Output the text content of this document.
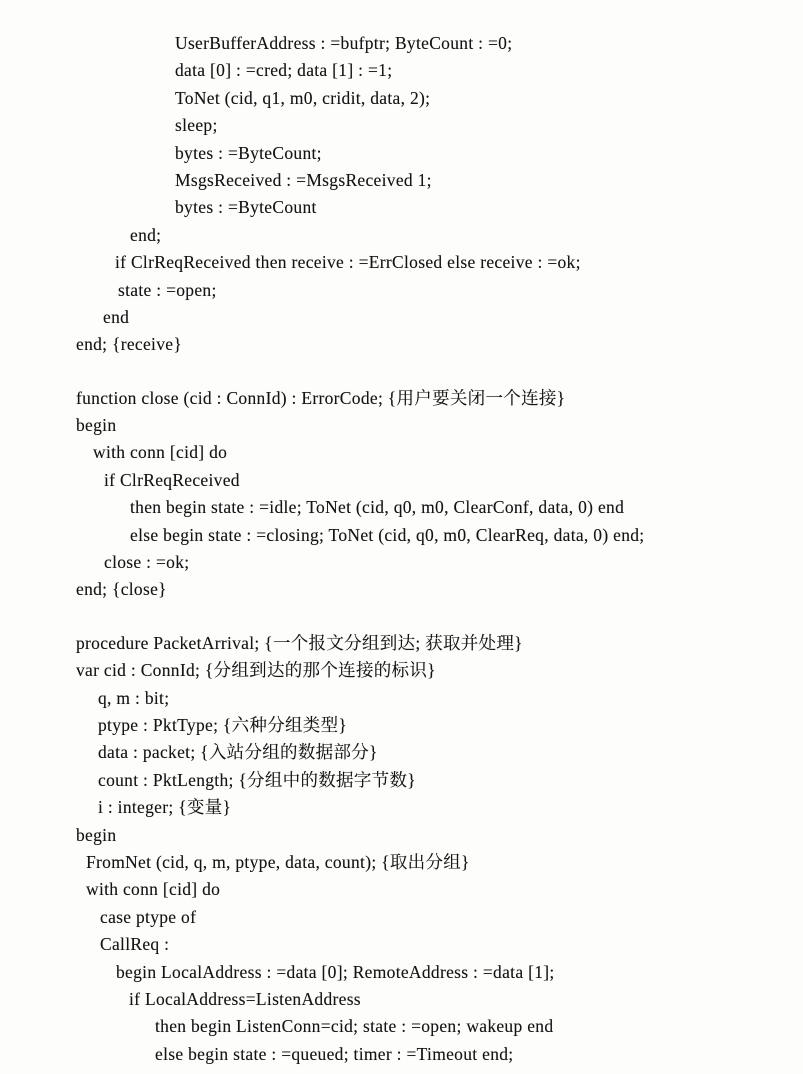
UserBufferAddress : =bufptr; ByteCount : =0;
data [0] : =cred; data [1] : =1;
ToNet (cid, q1, m0, cridit, data, 2);
sleep;
bytes : =ByteCount;
MsgsReceived : =MsgsReceived 1;
bytes : =ByteCount
end;
if ClrReqReceived then receive : =ErrClosed else receive : =ok;
state : =open;
end
end; {receive}
function close (cid : ConnId) : ErrorCode; {用户要关闭一个连接}
begin
with conn [cid] do
if ClrReqReceived
then begin state : =idle; ToNet (cid, q0, m0, ClearConf, data, 0) end
else begin state : =closing; ToNet (cid, q0, m0, ClearReq, data, 0) end;
close : =ok;
end; {close}
procedure PacketArrival; {一个报文分组到达; 获取并处理}
var cid : ConnId; {分组到达的那个连接的标识}
q, m : bit;
ptype : PktType; {六种分组类型}
data : packet; {入站分组的数据部分}
count : PktLength; {分组中的数据字节数}
i : integer; {变量}
begin
FromNet (cid, q, m, ptype, data, count); {取出分组}
with conn [cid] do
case ptype of
CallReq :
begin LocalAddress : =data [0]; RemoteAddress : =data [1];
if LocalAddress=ListenAddress
then begin ListenConn=cid; state : =open; wakeup end
else begin state : =queued; timer : =Timeout end;
